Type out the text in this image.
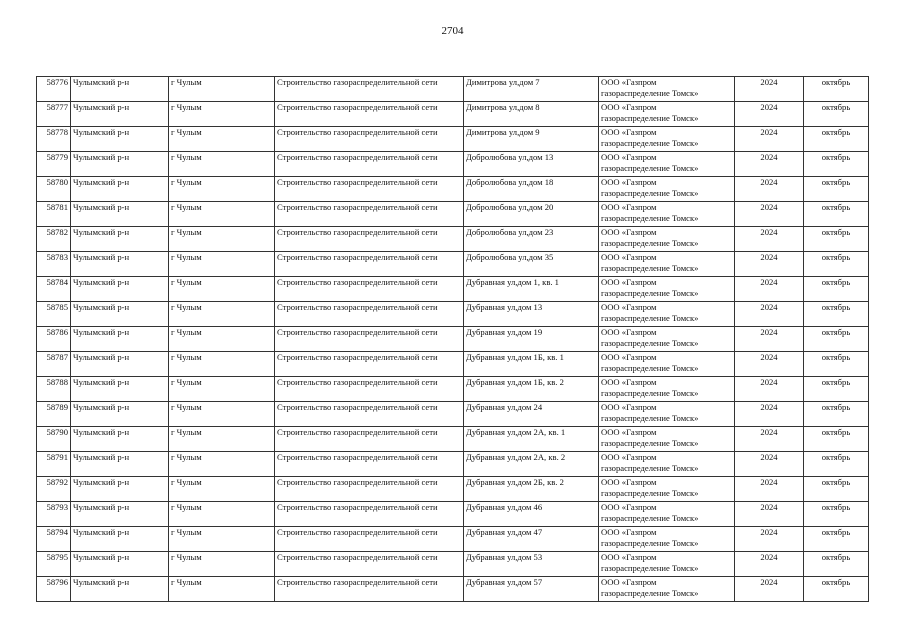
2704
58776	Чулымский р-н	г Чулым	Строительство газораспределительной сети	Димитрова ул,дом 7	ООО «Газпром
газораспределение Томск»	2024	октябрь
58777	Чулымский р-н	г Чулым	Строительство газораспределительной сети	Димитрова ул,дом 8	ООО «Газпром
газораспределение Томск»	2024	октябрь
58778	Чулымский р-н	г Чулым	Строительство газораспределительной сети	Димитрова ул,дом 9	ООО «Газпром
газораспределение Томск»	2024	октябрь
58779	Чулымский р-н	г Чулым	Строительство газораспределительной сети	Добролюбова ул,дом 13	ООО «Газпром
газораспределение Томск»	2024	октябрь
58780	Чулымский р-н	г Чулым	Строительство газораспределительной сети	Добролюбова ул,дом 18	ООО «Газпром
газораспределение Томск»	2024	октябрь
58781	Чулымский р-н	г Чулым	Строительство газораспределительной сети	Добролюбова ул,дом 20	ООО «Газпром
газораспределение Томск»	2024	октябрь
58782	Чулымский р-н	г Чулым	Строительство газораспределительной сети	Добролюбова ул,дом 23	ООО «Газпром
газораспределение Томск»	2024	октябрь
58783	Чулымский р-н	г Чулым	Строительство газораспределительной сети	Добролюбова ул,дом 35	ООО «Газпром
газораспределение Томск»	2024	октябрь
58784	Чулымский р-н	г Чулым	Строительство газораспределительной сети	Дубравная ул,дом 1, кв. 1	ООО «Газпром
газораспределение Томск»	2024	октябрь
58785	Чулымский р-н	г Чулым	Строительство газораспределительной сети	Дубравная ул,дом 13	ООО «Газпром
газораспределение Томск»	2024	октябрь
58786	Чулымский р-н	г Чулым	Строительство газораспределительной сети	Дубравная ул,дом 19	ООО «Газпром
газораспределение Томск»	2024	октябрь
58787	Чулымский р-н	г Чулым	Строительство газораспределительной сети	Дубравная ул,дом 1Б, кв. 1	ООО «Газпром
газораспределение Томск»	2024	октябрь
58788	Чулымский р-н	г Чулым	Строительство газораспределительной сети	Дубравная ул,дом 1Б, кв. 2	ООО «Газпром
газораспределение Томск»	2024	октябрь
58789	Чулымский р-н	г Чулым	Строительство газораспределительной сети	Дубравная ул,дом 24	ООО «Газпром
газораспределение Томск»	2024	октябрь
58790	Чулымский р-н	г Чулым	Строительство газораспределительной сети	Дубравная ул,дом 2А, кв. 1	ООО «Газпром
газораспределение Томск»	2024	октябрь
58791	Чулымский р-н	г Чулым	Строительство газораспределительной сети	Дубравная ул,дом 2А, кв. 2	ООО «Газпром
газораспределение Томск»	2024	октябрь
58792	Чулымский р-н	г Чулым	Строительство газораспределительной сети	Дубравная ул,дом 2Б, кв. 2	ООО «Газпром
газораспределение Томск»	2024	октябрь
58793	Чулымский р-н	г Чулым	Строительство газораспределительной сети	Дубравная ул,дом 46	ООО «Газпром
газораспределение Томск»	2024	октябрь
58794	Чулымский р-н	г Чулым	Строительство газораспределительной сети	Дубравная ул,дом 47	ООО «Газпром
газораспределение Томск»	2024	октябрь
58795	Чулымский р-н	г Чулым	Строительство газораспределительной сети	Дубравная ул,дом 53	ООО «Газпром
газораспределение Томск»	2024	октябрь
58796	Чулымский р-н	г Чулым	Строительство газораспределительной сети	Дубравная ул,дом 57	ООО «Газпром
газораспределение Томск»	2024	октябрь
